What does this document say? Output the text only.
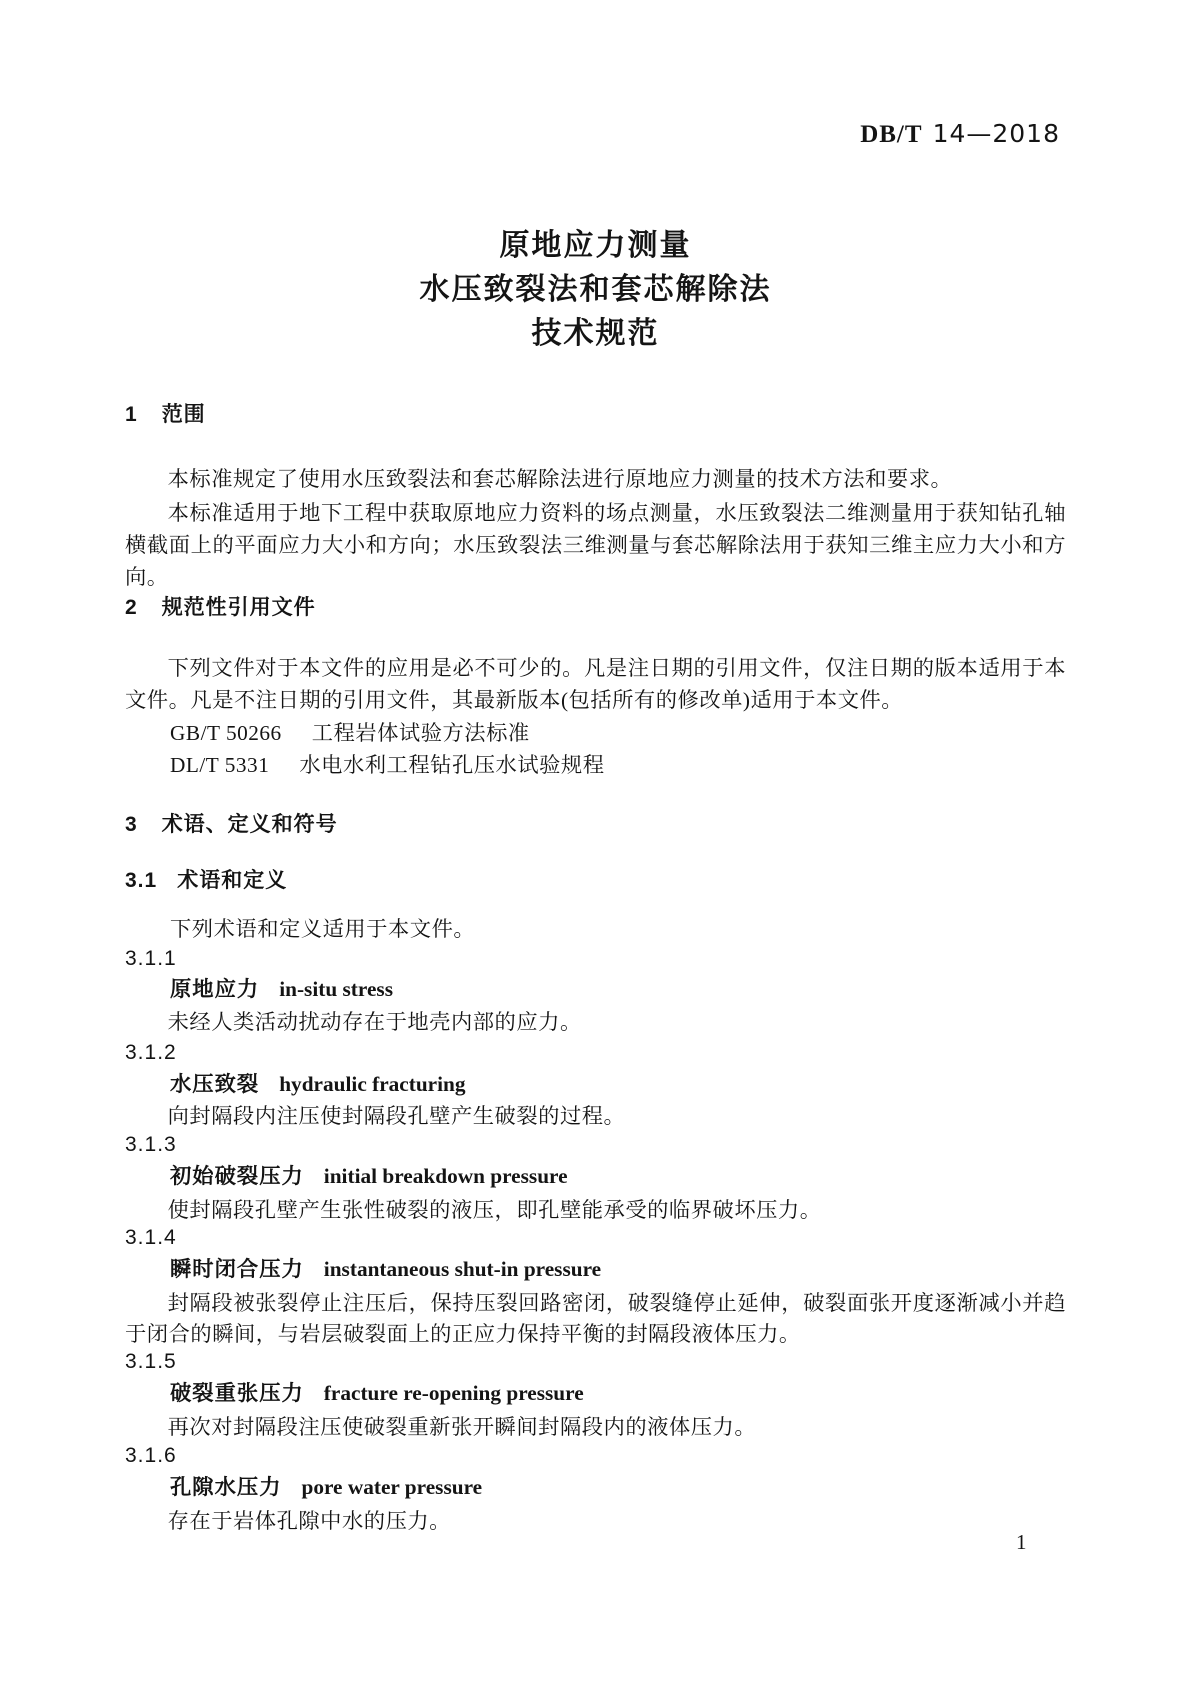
DB/T 14—2018
原地应力测量
水压致裂法和套芯解除法
技术规范
1 范围
本标准规定了使用水压致裂法和套芯解除法进行原地应力测量的技术方法和要求。
本标准适用于地下工程中获取原地应力资料的场点测量，水压致裂法二维测量用于获知钻孔轴横截面上的平面应力大小和方向；水压致裂法三维测量与套芯解除法用于获知三维主应力大小和方向。
2 规范性引用文件
下列文件对于本文件的应用是必不可少的。凡是注日期的引用文件，仅注日期的版本适用于本文件。凡是不注日期的引用文件，其最新版本(包括所有的修改单)适用于本文件。
GB/T 50266 工程岩体试验方法标准
DL/T 5331 水电水利工程钻孔压水试验规程
3 术语、定义和符号
3.1 术语和定义
下列术语和定义适用于本文件。
3.1.1
原地应力 in-situ stress
未经人类活动扰动存在于地壳内部的应力。
3.1.2
水压致裂 hydraulic fracturing
向封隔段内注压使封隔段孔壁产生破裂的过程。
3.1.3
初始破裂压力 initial breakdown pressure
使封隔段孔壁产生张性破裂的液压，即孔壁能承受的临界破坏压力。
3.1.4
瞬时闭合压力 instantaneous shut-in pressure
封隔段被张裂停止注压后，保持压裂回路密闭，破裂缝停止延伸，破裂面张开度逐渐减小并趋于闭合的瞬间，与岩层破裂面上的正应力保持平衡的封隔段液体压力。
3.1.5
破裂重张压力 fracture re-opening pressure
再次对封隔段注压使破裂重新张开瞬间封隔段内的液体压力。
3.1.6
孔隙水压力 pore water pressure
存在于岩体孔隙中水的压力。
1
